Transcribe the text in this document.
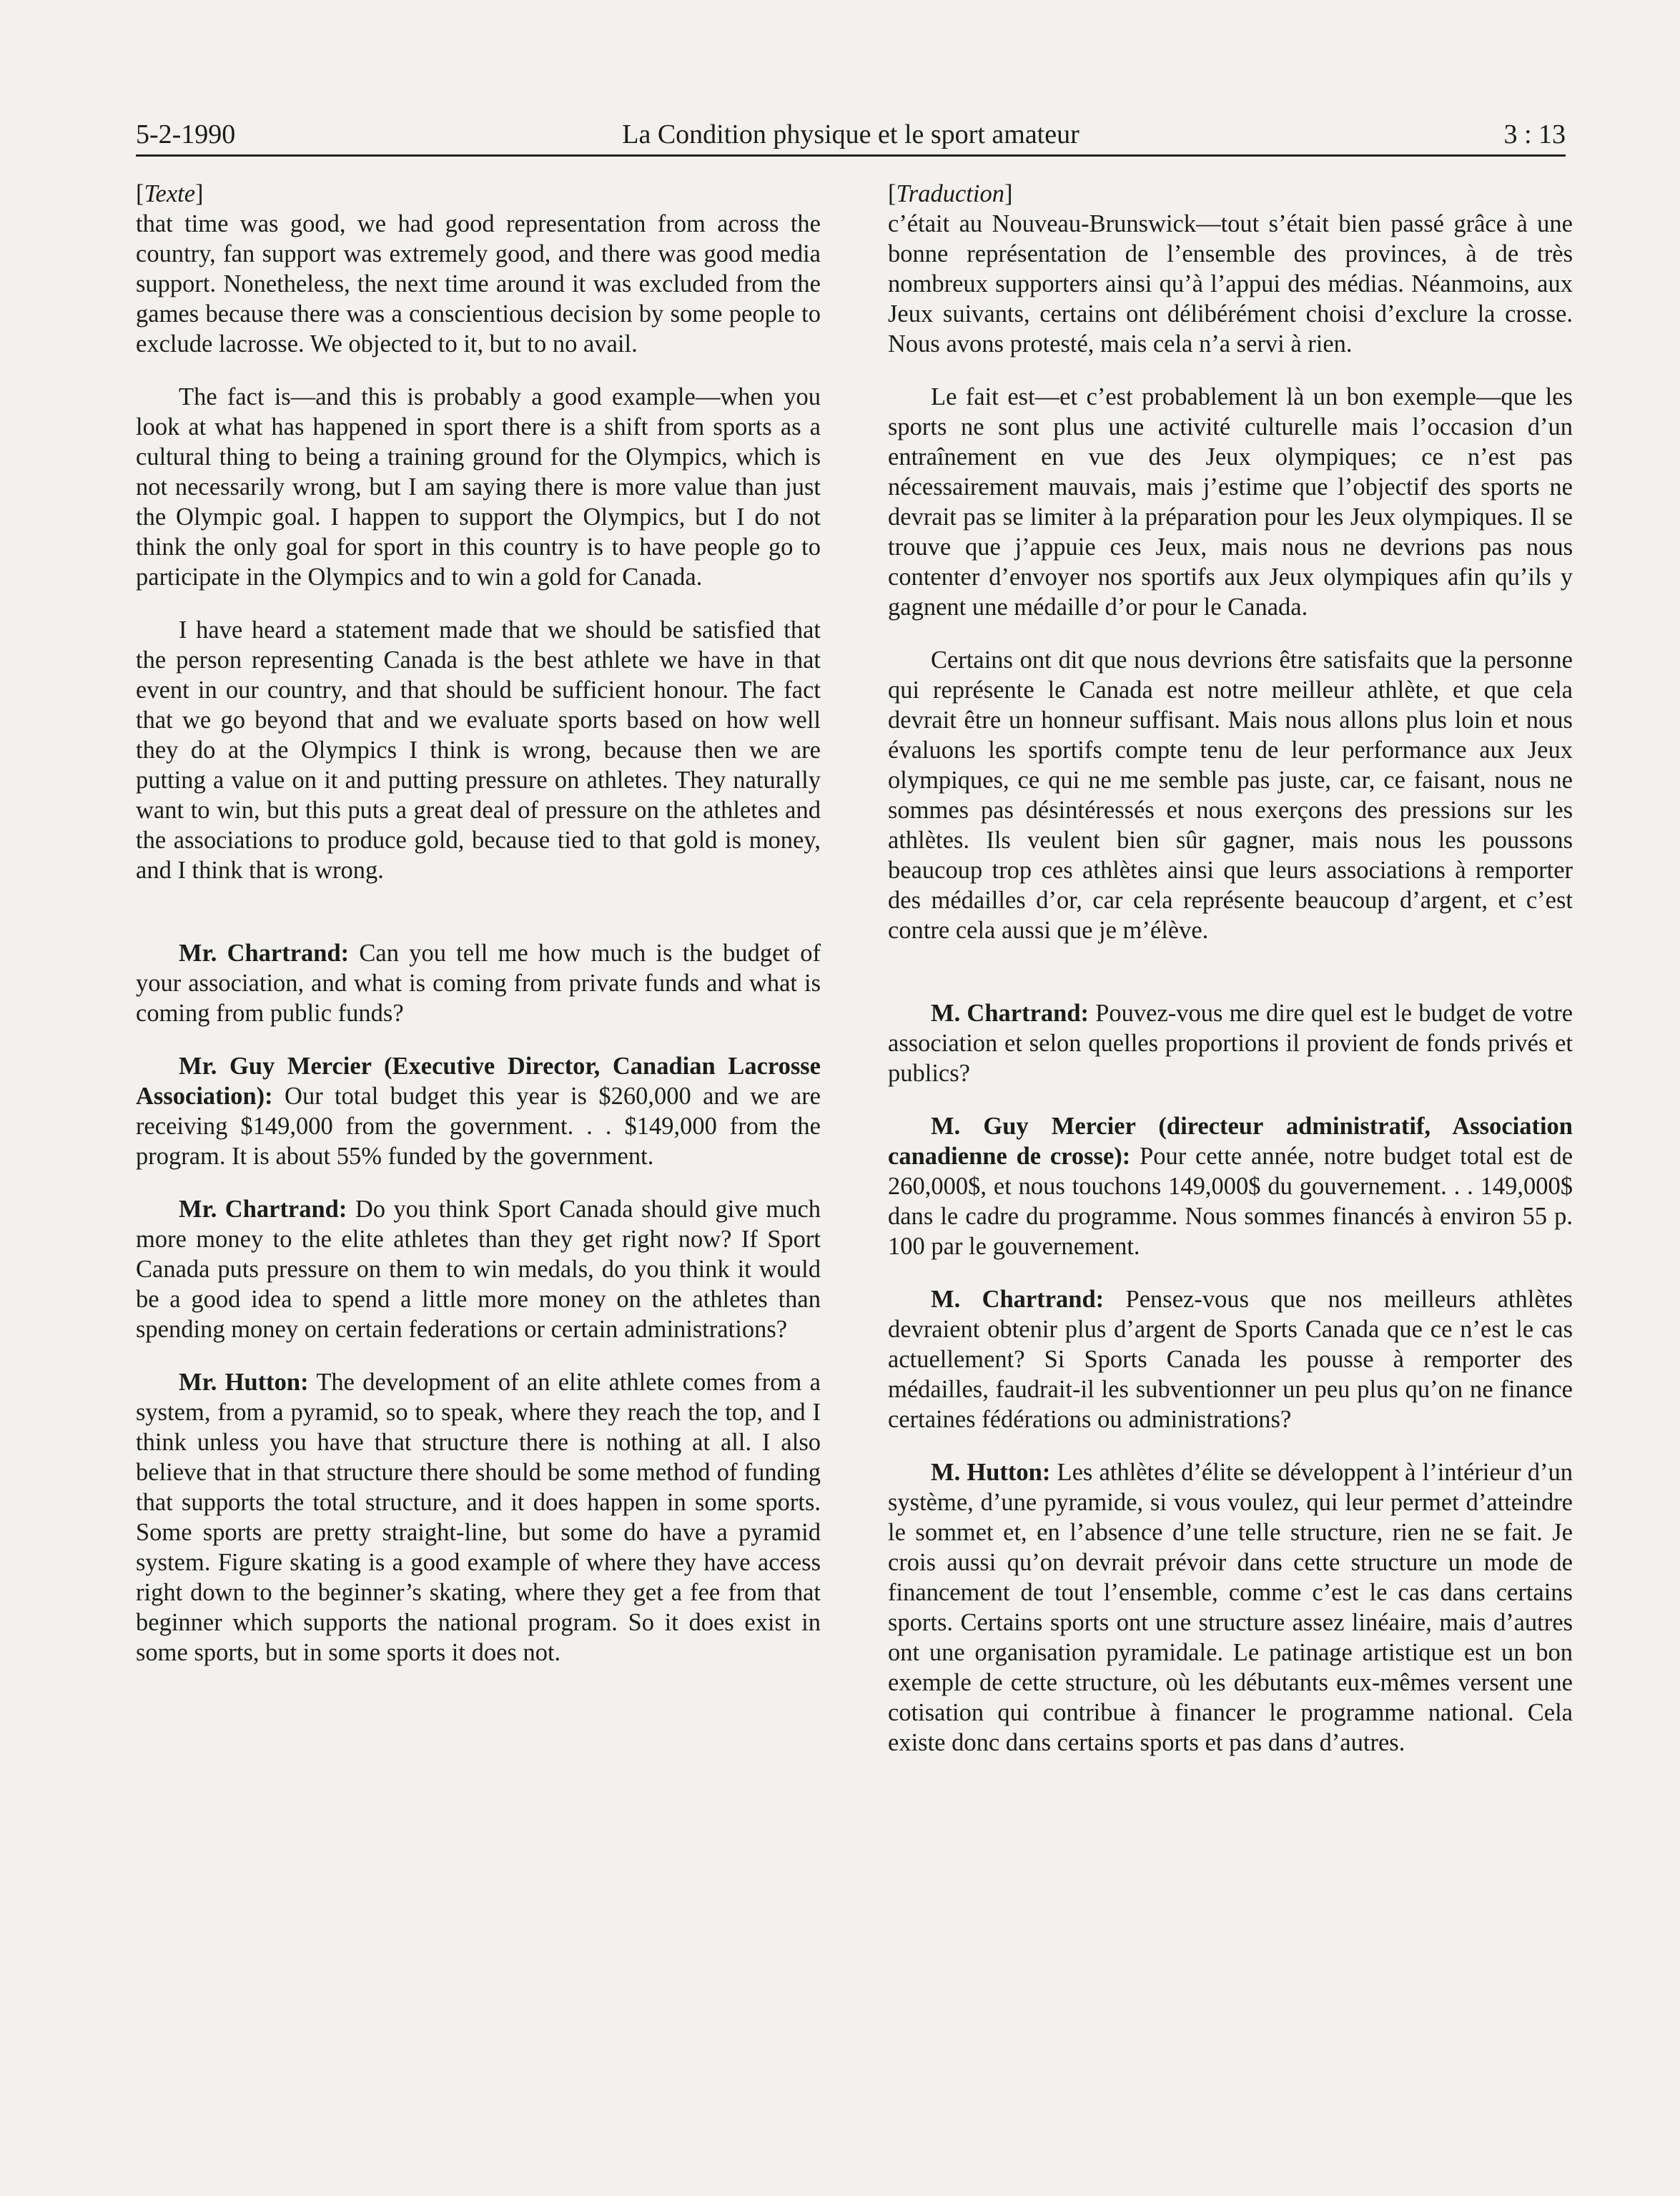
5-2-1990	La Condition physique et le sport amateur	3 : 13
[Texte]

that time was good, we had good representation from across the country, fan support was extremely good, and there was good media support. Nonetheless, the next time around it was excluded from the games because there was a conscientious decision by some people to exclude lacrosse. We objected to it, but to no avail.

The fact is—and this is probably a good example—when you look at what has happened in sport there is a shift from sports as a cultural thing to being a training ground for the Olympics, which is not necessarily wrong, but I am saying there is more value than just the Olympic goal. I happen to support the Olympics, but I do not think the only goal for sport in this country is to have people go to participate in the Olympics and to win a gold for Canada.

I have heard a statement made that we should be satisfied that the person representing Canada is the best athlete we have in that event in our country, and that should be sufficient honour. The fact that we go beyond that and we evaluate sports based on how well they do at the Olympics I think is wrong, because then we are putting a value on it and putting pressure on athletes. They naturally want to win, but this puts a great deal of pressure on the athletes and the associations to produce gold, because tied to that gold is money, and I think that is wrong.

Mr. Chartrand: Can you tell me how much is the budget of your association, and what is coming from private funds and what is coming from public funds?

Mr. Guy Mercier (Executive Director, Canadian Lacrosse Association): Our total budget this year is $260,000 and we are receiving $149,000 from the government. . . $149,000 from the program. It is about 55% funded by the government.

Mr. Chartrand: Do you think Sport Canada should give much more money to the elite athletes than they get right now? If Sport Canada puts pressure on them to win medals, do you think it would be a good idea to spend a little more money on the athletes than spending money on certain federations or certain administrations?

Mr. Hutton: The development of an elite athlete comes from a system, from a pyramid, so to speak, where they reach the top, and I think unless you have that structure there is nothing at all. I also believe that in that structure there should be some method of funding that supports the total structure, and it does happen in some sports. Some sports are pretty straight-line, but some do have a pyramid system. Figure skating is a good example of where they have access right down to the beginner’s skating, where they get a fee from that beginner which supports the national program. So it does exist in some sports, but in some sports it does not.

[Traduction]

c’était au Nouveau-Brunswick—tout s’était bien passé grâce à une bonne représentation de l’ensemble des provinces, à de très nombreux supporters ainsi qu’à l’appui des médias. Néanmoins, aux Jeux suivants, certains ont délibérément choisi d’exclure la crosse. Nous avons protesté, mais cela n’a servi à rien.

Le fait est—et c’est probablement là un bon exemple—que les sports ne sont plus une activité culturelle mais l’occasion d’un entraînement en vue des Jeux olympiques; ce n’est pas nécessairement mauvais, mais j’estime que l’objectif des sports ne devrait pas se limiter à la préparation pour les Jeux olympiques. Il se trouve que j’appuie ces Jeux, mais nous ne devrions pas nous contenter d’envoyer nos sportifs aux Jeux olympiques afin qu’ils y gagnent une médaille d’or pour le Canada.

Certains ont dit que nous devrions être satisfaits que la personne qui représente le Canada est notre meilleur athlète, et que cela devrait être un honneur suffisant. Mais nous allons plus loin et nous évaluons les sportifs compte tenu de leur performance aux Jeux olympiques, ce qui ne me semble pas juste, car, ce faisant, nous ne sommes pas désintéressés et nous exerçons des pressions sur les athlètes. Ils veulent bien sûr gagner, mais nous les poussons beaucoup trop ces athlètes ainsi que leurs associations à remporter des médailles d’or, car cela représente beaucoup d’argent, et c’est contre cela aussi que je m’élève.

M. Chartrand: Pouvez-vous me dire quel est le budget de votre association et selon quelles proportions il provient de fonds privés et publics?

M. Guy Mercier (directeur administratif, Association canadienne de crosse): Pour cette année, notre budget total est de 260,000$, et nous touchons 149,000$ du gouvernement. . . 149,000$ dans le cadre du programme. Nous sommes financés à environ 55 p. 100 par le gouvernement.

M. Chartrand: Pensez-vous que nos meilleurs athlètes devraient obtenir plus d’argent de Sports Canada que ce n’est le cas actuellement? Si Sports Canada les pousse à remporter des médailles, faudrait-il les subventionner un peu plus qu’on ne finance certaines fédérations ou administrations?

M. Hutton: Les athlètes d’élite se développent à l’intérieur d’un système, d’une pyramide, si vous voulez, qui leur permet d’atteindre le sommet et, en l’absence d’une telle structure, rien ne se fait. Je crois aussi qu’on devrait prévoir dans cette structure un mode de financement de tout l’ensemble, comme c’est le cas dans certains sports. Certains sports ont une structure assez linéaire, mais d’autres ont une organisation pyramidale. Le patinage artistique est un bon exemple de cette structure, où les débutants eux-mêmes versent une cotisation qui contribue à financer le programme national. Cela existe donc dans certains sports et pas dans d’autres.
